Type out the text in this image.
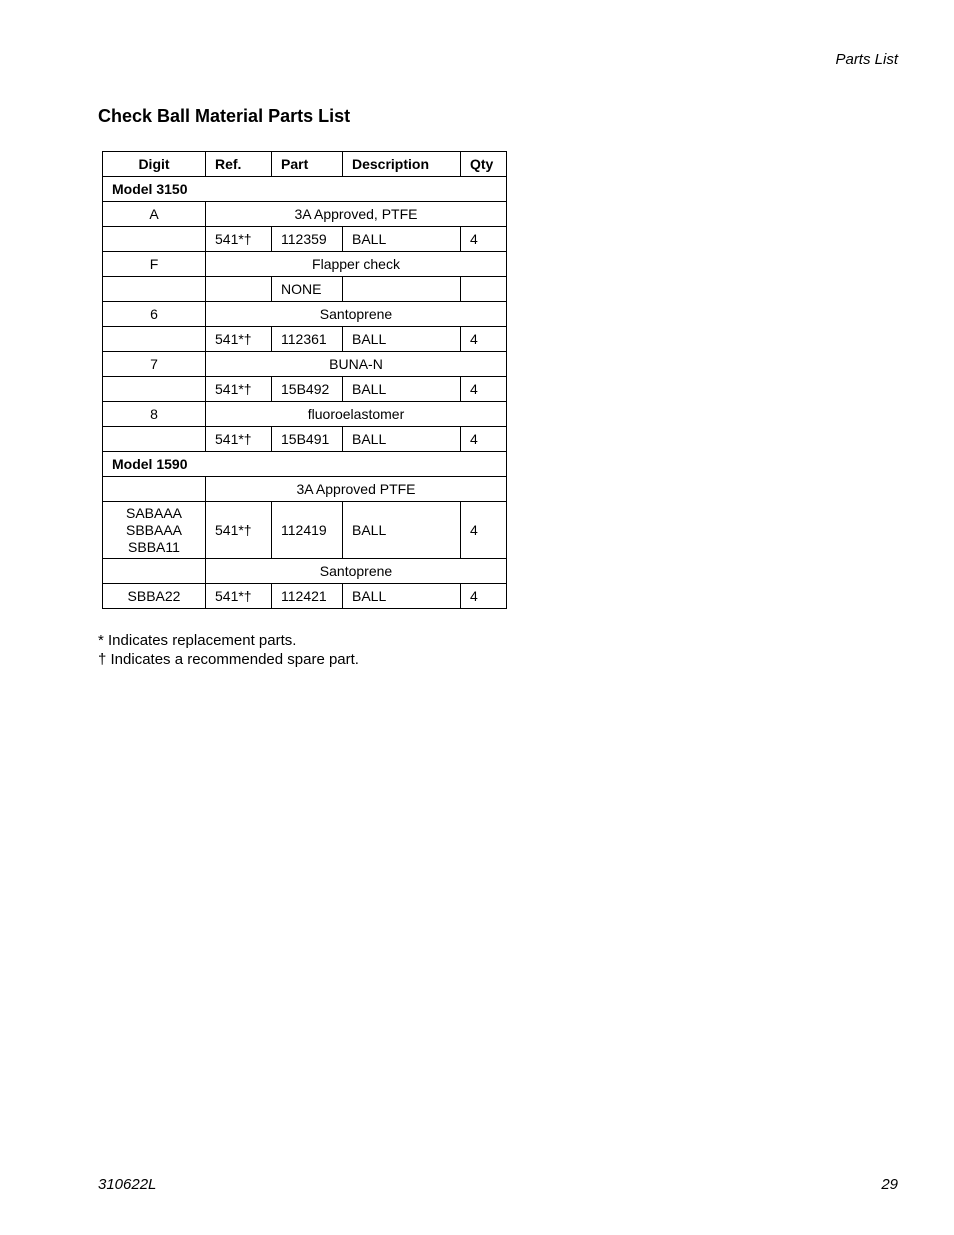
Parts List
Check Ball Material Parts List
Digit	Ref.	Part	Description	Qty
Model 3150				
A	3A Approved, PTFE			
	541*†	112359	BALL	4
F	Flapper check			
		NONE		
6	Santoprene			
	541*†	112361	BALL	4
7	BUNA-N			
	541*†	15B492	BALL	4
8	fluoroelastomer			
	541*†	15B491	BALL	4
Model 1590				
	3A Approved PTFE			

SABAAA
SBBAAA
SBBA11	541*†	112419	BALL	4
	Santoprene			
SBBA22	541*†	112421	BALL	4
* Indicates replacement parts.
† Indicates a recommended spare part.
310622L	29
